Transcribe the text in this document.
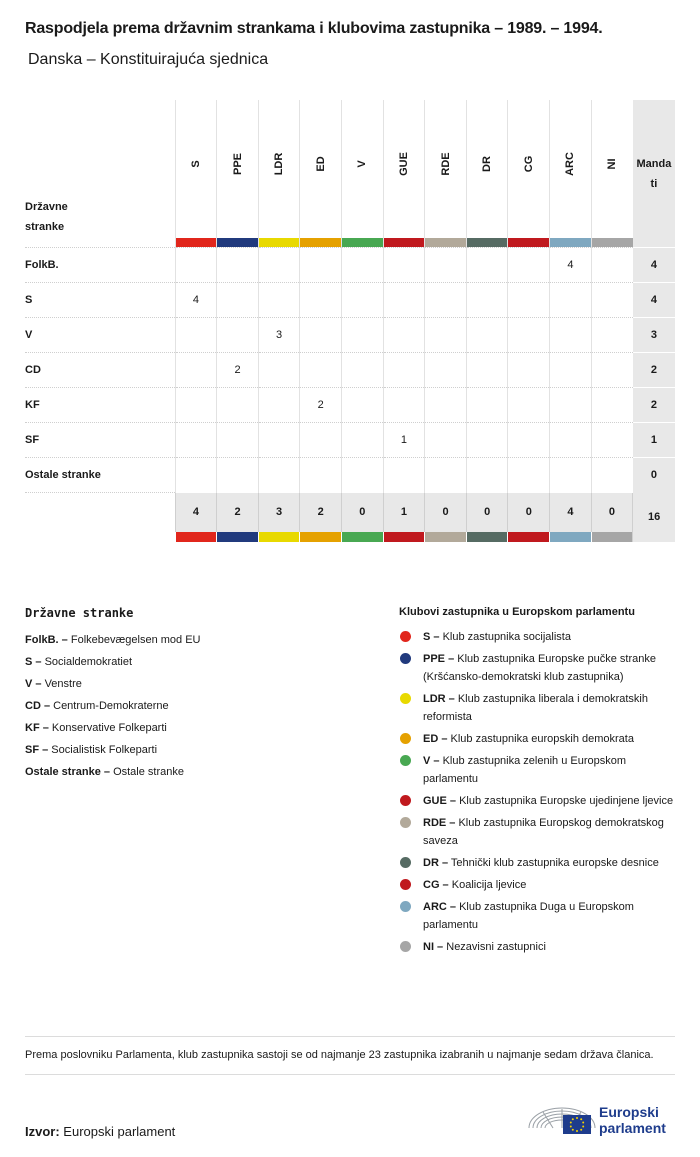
Raspodjela prema državnim strankama i klubovima zastupnika – 1989. – 1994.
Danska – Konstituirajuća sjednica
Državne
stranke	S	PPE	LDR	ED	V	GUE	RDE	DR	CG	ARC	NI	Manda
ti
FolkB.										4		4
S	4											4
V			3									3
CD		2										2
KF				2								2
SF						1						1
Ostale stranke												0
	4	2	3	2	0	1	0	0	0	4	0	16

Državne stranke
FolkB. – Folkebevægelsen mod EU
S – Socialdemokratiet
V – Venstre
CD – Centrum-Demokraterne
KF – Konservative Folkeparti
SF – Socialistisk Folkeparti
Ostale stranke – Ostale stranke
Klubovi zastupnika u Europskom parlamentu
S – Klub zastupnika socijalista
PPE – Klub zastupnika Europske pučke stranke (Kršćansko-demokratski klub zastupnika)
LDR – Klub zastupnika liberala i demokratskih reformista
ED – Klub zastupnika europskih demokrata
V – Klub zastupnika zelenih u Europskom parlamentu
GUE – Klub zastupnika Europske ujedinjene ljevice
RDE – Klub zastupnika Europskog demokratskog saveza
DR – Tehnički klub zastupnika europske desnice
CG – Koalicija ljevice
ARC – Klub zastupnika Duga u Europskom parlamentu
NI – Nezavisni zastupnici
Prema poslovniku Parlamenta, klub zastupnika sastoji se od najmanje 23 zastupnika izabranih u najmanje sedam država članica.
Izvor: Europski parlament
Europski
parlament
